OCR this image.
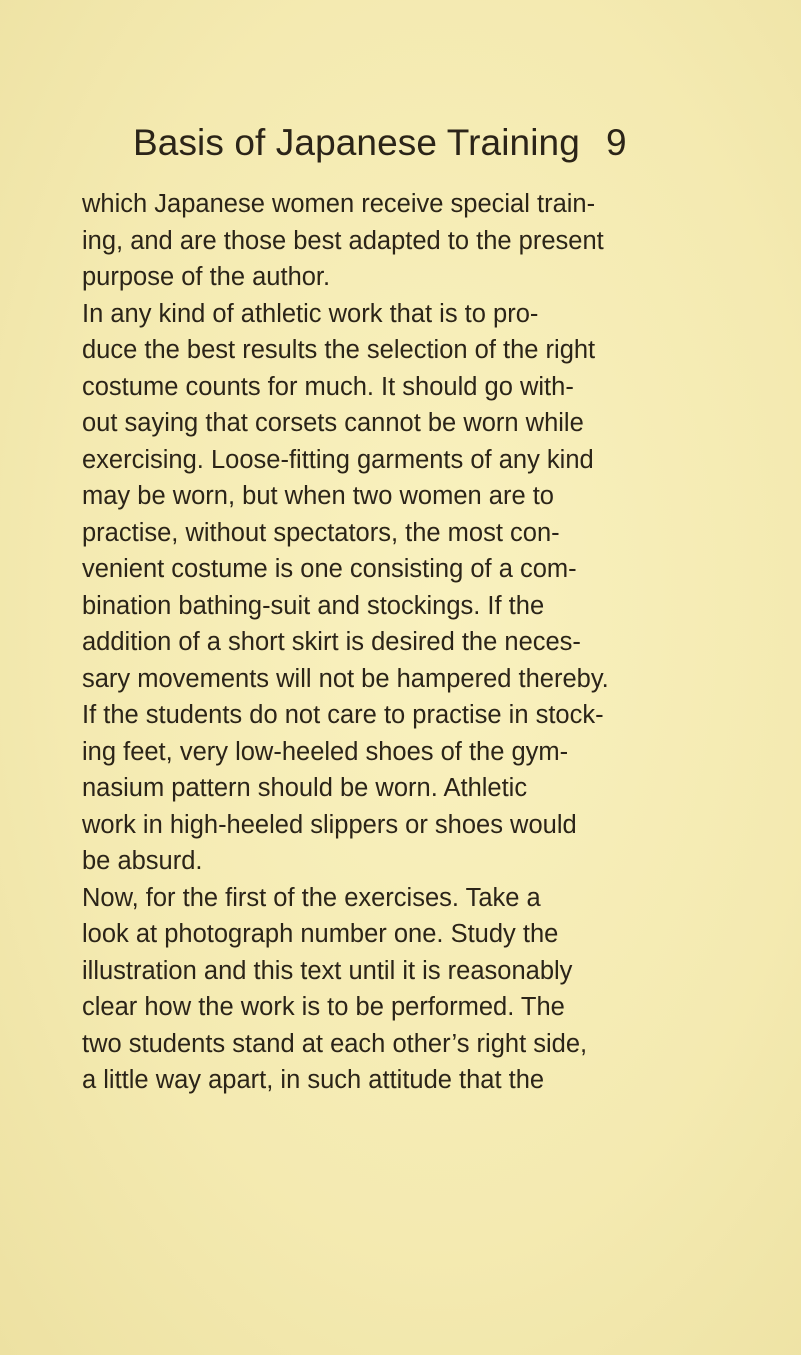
Basis of Japanese Training 9
which Japanese women receive special train-
ing, and are those best adapted to the present
purpose of the author.
In any kind of athletic work that is to pro-
duce the best results the selection of the right
costume counts for much. It should go with-
out saying that corsets cannot be worn while
exercising. Loose-fitting garments of any kind
may be worn, but when two women are to
practise, without spectators, the most con-
venient costume is one consisting of a com-
bination bathing-suit and stockings. If the
addition of a short skirt is desired the neces-
sary movements will not be hampered thereby.
If the students do not care to practise in stock-
ing feet, very low-heeled shoes of the gym-
nasium pattern should be worn. Athletic
work in high-heeled slippers or shoes would
be absurd.
Now, for the first of the exercises. Take a
look at photograph number one. Study the
illustration and this text until it is reasonably
clear how the work is to be performed. The
two students stand at each other’s right side,
a little way apart, in such attitude that the
